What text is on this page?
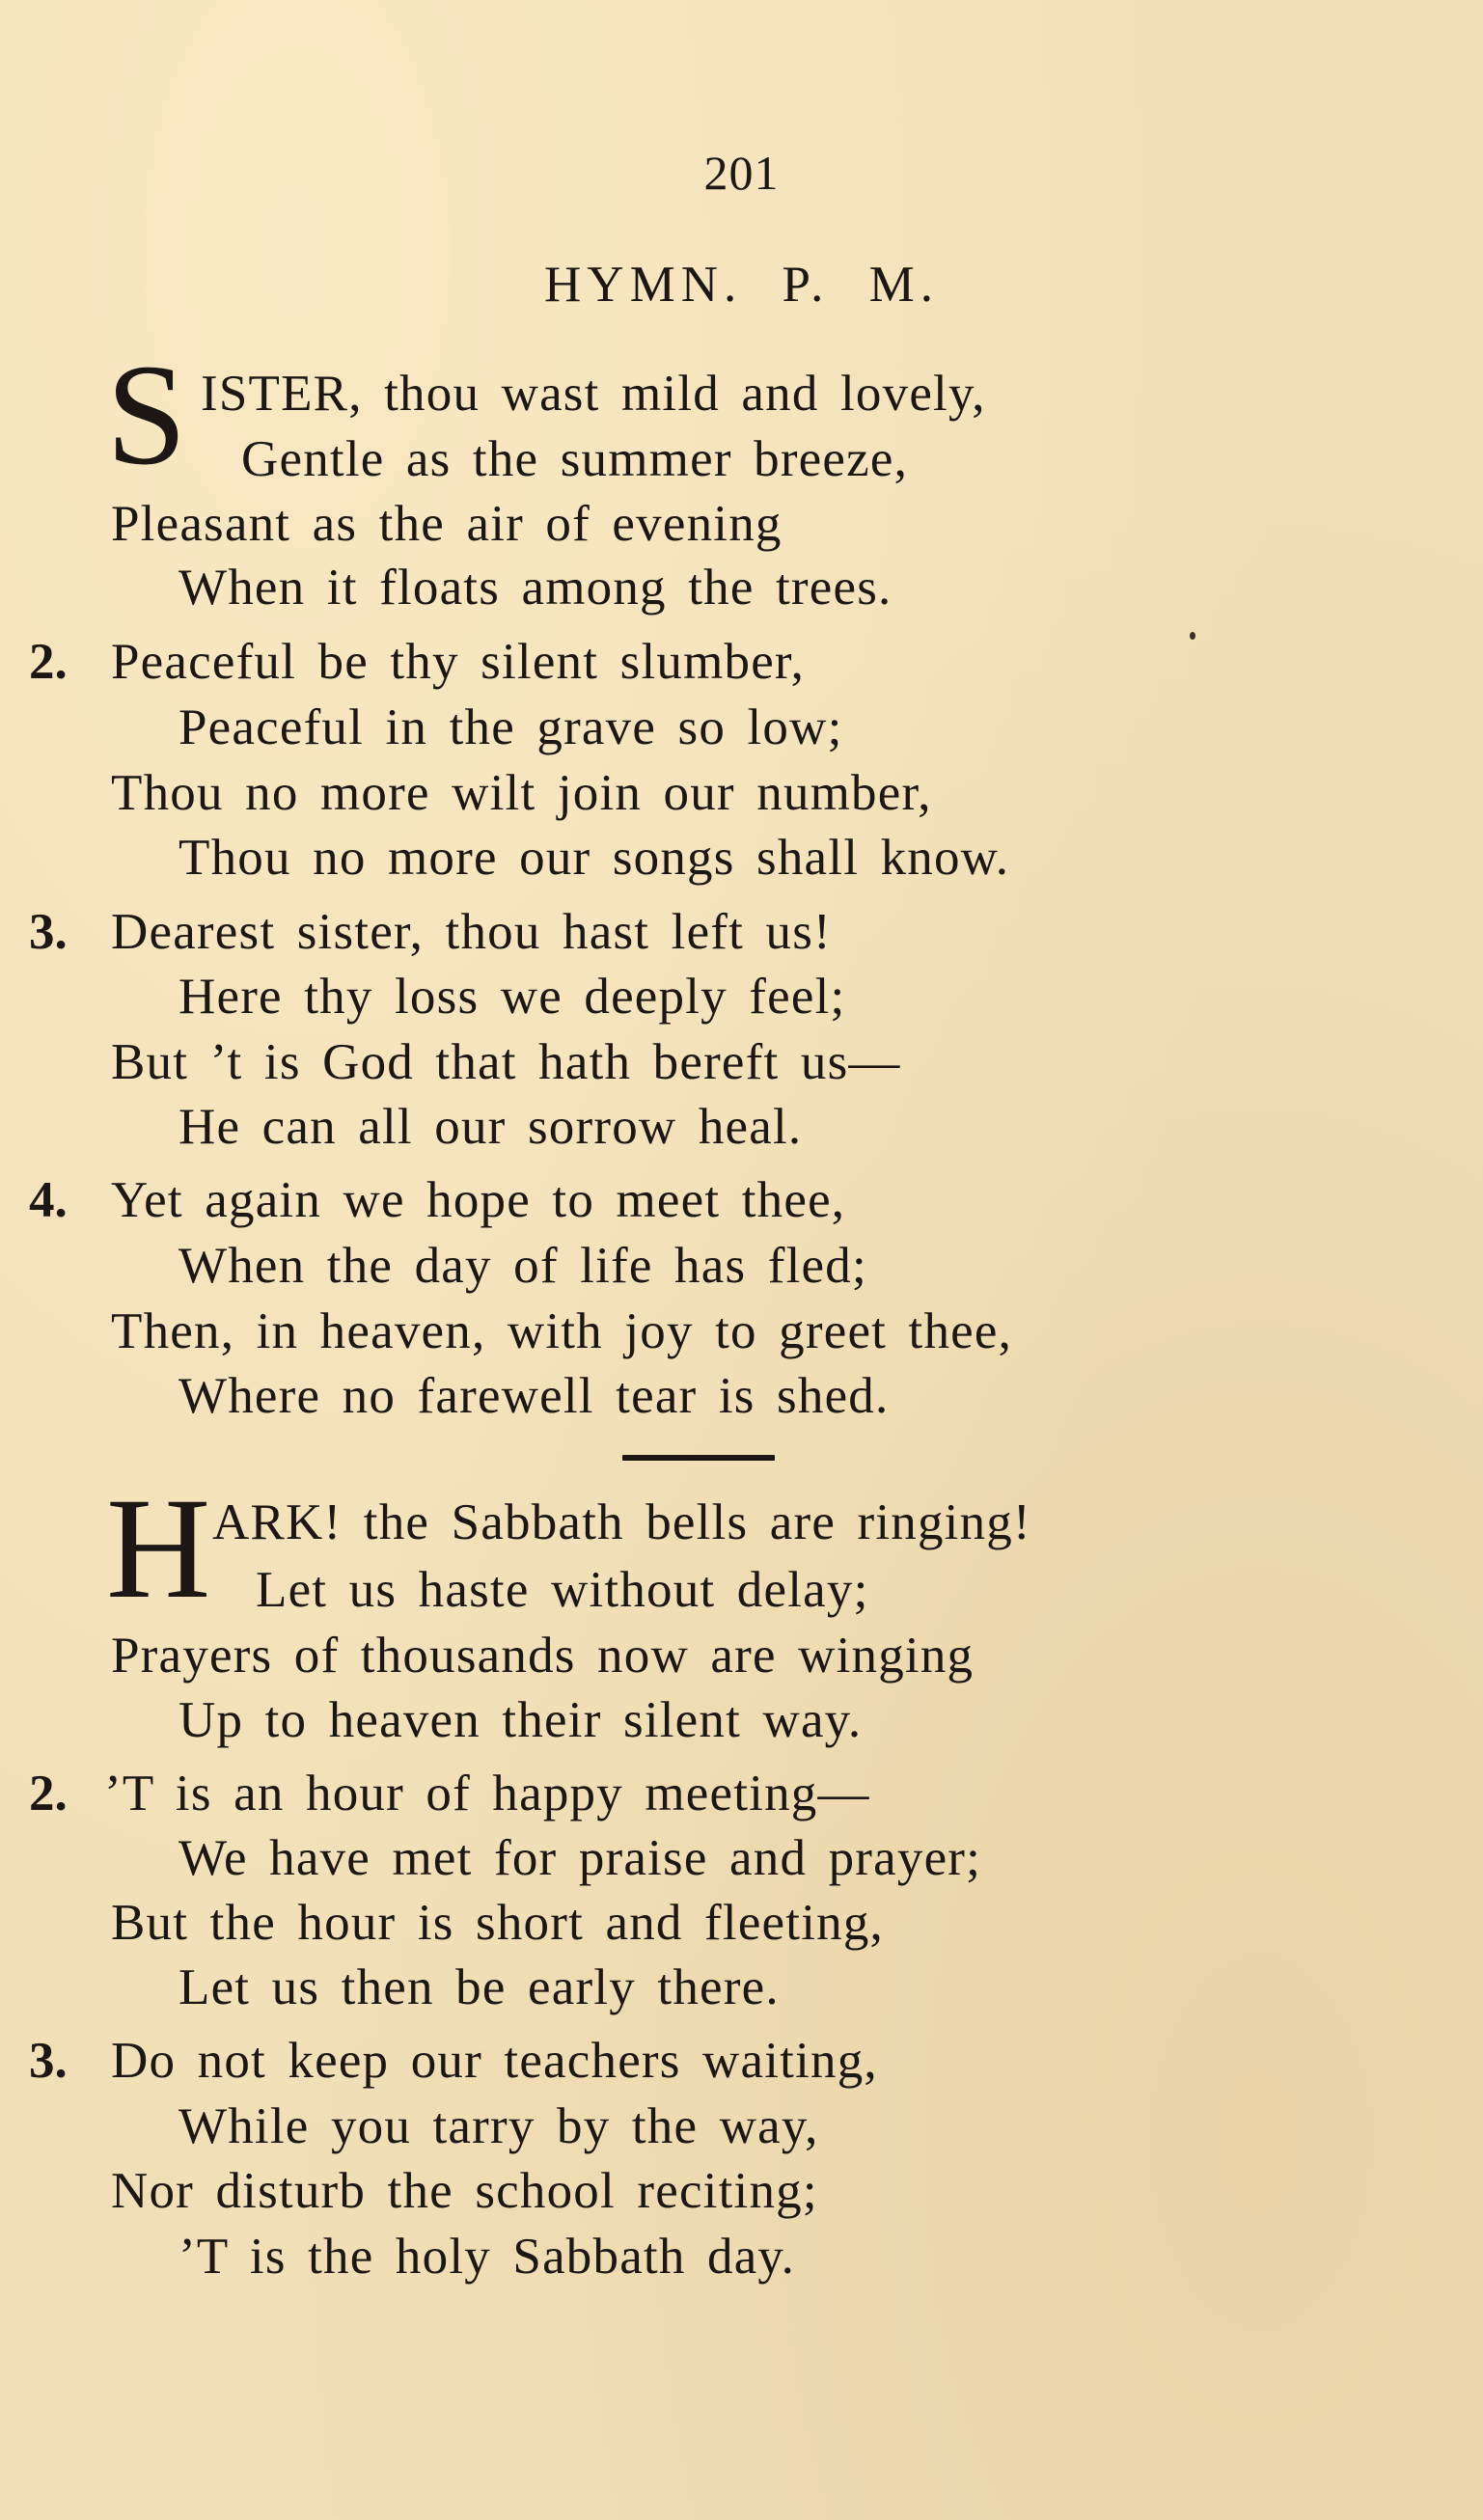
201
HYMN. P. M.
S ISTER, thou wast mild and lovely,
Gentle as the summer breeze,
Pleasant as the air of evening
When it floats among the trees.
2. Peaceful be thy silent slumber,
Peaceful in the grave so low;
Thou no more wilt join our number,
Thou no more our songs shall know.
3. Dearest sister, thou hast left us!
Here thy loss we deeply feel;
But ’t is God that hath bereft us—
He can all our sorrow heal.
4. Yet again we hope to meet thee,
When the day of life has fled;
Then, in heaven, with joy to greet thee,
Where no farewell tear is shed.
H ARK! the Sabbath bells are ringing!
Let us haste without delay;
Prayers of thousands now are winging
Up to heaven their silent way.
2. ’T is an hour of happy meeting—
We have met for praise and prayer;
But the hour is short and fleeting,
Let us then be early there.
3. Do not keep our teachers waiting,
While you tarry by the way,
Nor disturb the school reciting;
’T is the holy Sabbath day.
